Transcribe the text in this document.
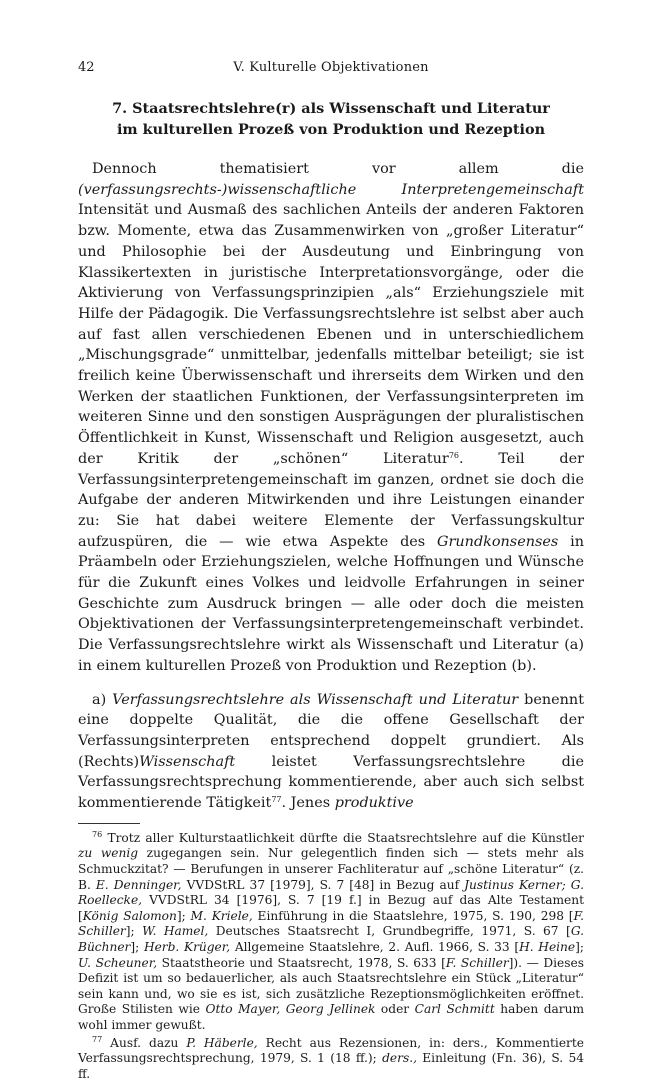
42	V. Kulturelle Objektivationen
7. Staatsrechtslehre(r) als Wissenschaft und Literatur
im kulturellen Prozeß von Produktion und Rezeption

Dennoch thematisiert vor allem die (verfassungsrechts-)wissenschaftliche Interpretengemeinschaft Intensität und Ausmaß des sachlichen Anteils der anderen Faktoren bzw. Momente, etwa das Zusammenwirken von „großer Literatur“ und Philosophie bei der Ausdeutung und Einbringung von Klassikertexten in juristische Interpretationsvorgänge, oder die Aktivierung von Verfassungsprinzipien „als“ Erziehungsziele mit Hilfe der Pädagogik. Die Verfassungsrechtslehre ist selbst aber auch auf fast allen verschiedenen Ebenen und in unterschiedlichem „Mischungsgrade“ unmittelbar, jedenfalls mittelbar beteiligt; sie ist freilich keine Überwissenschaft und ihrerseits dem Wirken und den Werken der staatlichen Funktionen, der Verfassungsinterpreten im weiteren Sinne und den sonstigen Ausprägungen der pluralistischen Öffentlichkeit in Kunst, Wissenschaft und Religion ausgesetzt, auch der Kritik der „schönen“ Literatur$^{76}$. Teil der Verfassungsinterpretengemeinschaft im ganzen, ordnet sie doch die Aufgabe der anderen Mitwirkenden und ihre Leistungen einander zu: Sie hat dabei weitere Elemente der Verfassungskultur aufzuspüren, die — wie etwa Aspekte des Grundkonsenses in Präambeln oder Erziehungszielen, welche Hoffnungen und Wünsche für die Zukunft eines Volkes und leidvolle Erfahrungen in seiner Geschichte zum Ausdruck bringen — alle oder doch die meisten Objektivationen der Verfassungsinterpretengemeinschaft verbindet. Die Verfassungsrechtslehre wirkt als Wissenschaft und Literatur (a) in einem kulturellen Prozeß von Produktion und Rezeption (b).

a) Verfassungsrechtslehre als Wissenschaft und Literatur benennt eine doppelte Qualität, die die offene Gesellschaft der Verfassungsinterpreten entsprechend doppelt grundiert. Als (Rechts)Wissenschaft leistet Verfassungsrechtslehre die Verfassungsrechtsprechung kommentierende, aber auch sich selbst kommentierende Tätigkeit$^{77}$. Jenes produktive

$^{76}$ Trotz aller Kulturstaatlichkeit dürfte die Staatsrechtslehre auf die Künstler zu wenig zugegangen sein. Nur gelegentlich finden sich — stets mehr als Schmuckzitat? — Berufungen in unserer Fachliteratur auf „schöne Literatur“ (z. B. E. Denninger, VVDStRL 37 [1979], S. 7 [48] in Bezug auf Justinus Kerner; G. Roellecke, VVDStRL 34 [1976], S. 7 [19 f.] in Bezug auf das Alte Testament [König Salomon]; M. Kriele, Einführung in die Staatslehre, 1975, S. 190, 298 [F. Schiller]; W. Hamel, Deutsches Staatsrecht I, Grundbegriffe, 1971, S. 67 [G. Büchner]; Herb. Krüger, Allgemeine Staatslehre, 2. Aufl. 1966, S. 33 [H. Heine]; U. Scheuner, Staatstheorie und Staatsrecht, 1978, S. 633 [F. Schiller]). — Dieses Defizit ist um so bedauerlicher, als auch Staatsrechtslehre ein Stück „Literatur“ sein kann und, wo sie es ist, sich zusätzliche Rezeptionsmöglichkeiten eröffnet. Große Stilisten wie Otto Mayer, Georg Jellinek oder Carl Schmitt haben darum wohl immer gewußt.

$^{77}$ Ausf. dazu P. Häberle, Recht aus Rezensionen, in: ders., Kommentierte Verfassungsrechtsprechung, 1979, S. 1 (18 ff.); ders., Einleitung (Fn. 36), S. 54 ff.
